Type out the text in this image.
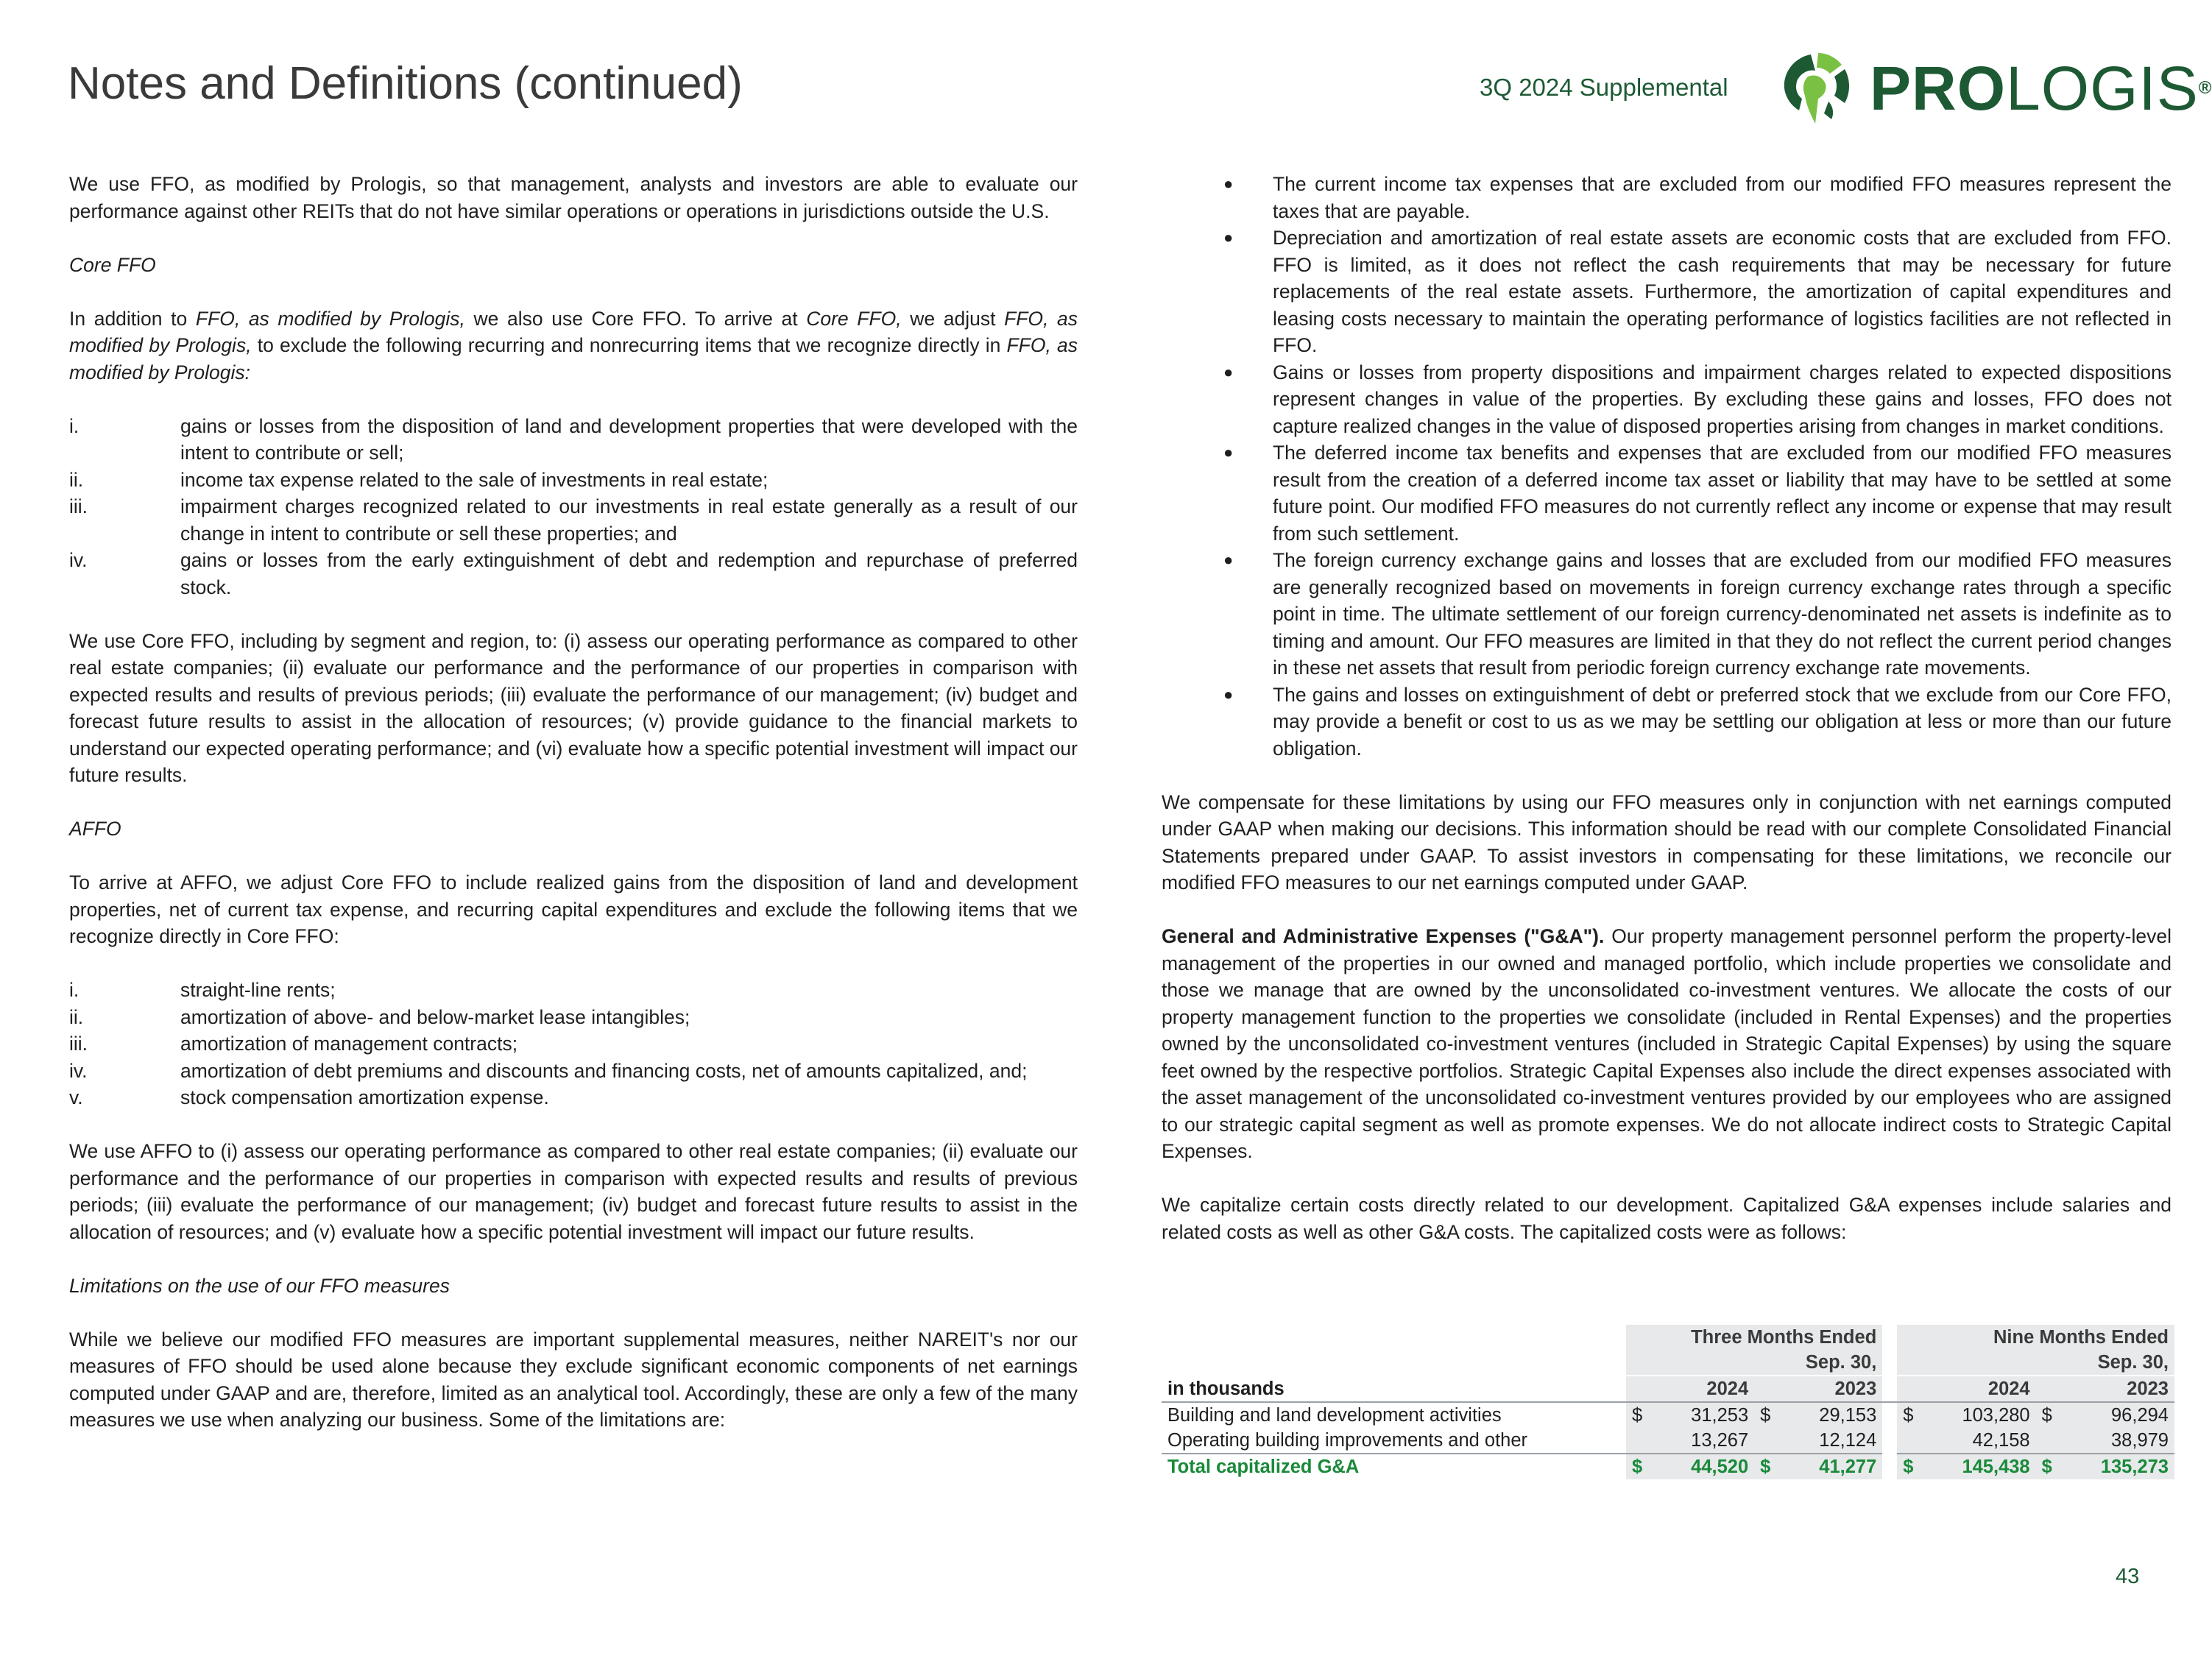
Notes and Definitions (continued)	3Q 2024 Supplemental PROLOGIS®

We use FFO, as modified by Prologis, so that management, analysts and investors are able to evaluate our performance against other REITs that do not have similar operations or operations in jurisdictions outside the U.S.

Core FFO

In addition to FFO, as modified by Prologis, we also use Core FFO. To arrive at Core FFO, we adjust FFO, as modified by Prologis, to exclude the following recurring and nonrecurring items that we recognize directly in FFO, as modified by Prologis:

i.	gains or losses from the disposition of land and development properties that were developed with the intent to contribute or sell;
ii.	income tax expense related to the sale of investments in real estate;
iii.	impairment charges recognized related to our investments in real estate generally as a result of our change in intent to contribute or sell these properties; and
iv.	gains or losses from the early extinguishment of debt and redemption and repurchase of preferred stock.

We use Core FFO, including by segment and region, to: (i) assess our operating performance as compared to other real estate companies; (ii) evaluate our performance and the performance of our properties in comparison with expected results and results of previous periods; (iii) evaluate the performance of our management; (iv) budget and forecast future results to assist in the allocation of resources; (v) provide guidance to the financial markets to understand our expected operating performance; and (vi) evaluate how a specific potential investment will impact our future results.

AFFO

To arrive at AFFO, we adjust Core FFO to include realized gains from the disposition of land and development properties, net of current tax expense, and recurring capital expenditures and exclude the following items that we recognize directly in Core FFO:

i.	straight-line rents;
ii.	amortization of above- and below-market lease intangibles;
iii.	amortization of management contracts;
iv.	amortization of debt premiums and discounts and financing costs, net of amounts capitalized, and;
v.	stock compensation amortization expense.

We use AFFO to (i) assess our operating performance as compared to other real estate companies; (ii) evaluate our performance and the performance of our properties in comparison with expected results and results of previous periods; (iii) evaluate the performance of our management; (iv) budget and forecast future results to assist in the allocation of resources; and (v) evaluate how a specific potential investment will impact our future results.

Limitations on the use of our FFO measures

While we believe our modified FFO measures are important supplemental measures, neither NAREIT's nor our measures of FFO should be used alone because they exclude significant economic components of net earnings computed under GAAP and are, therefore, limited as an analytical tool. Accordingly, these are only a few of the many measures we use when analyzing our business. Some of the limitations are:

● The current income tax expenses that are excluded from our modified FFO measures represent the taxes that are payable.
● Depreciation and amortization of real estate assets are economic costs that are excluded from FFO. FFO is limited, as it does not reflect the cash requirements that may be necessary for future replacements of the real estate assets. Furthermore, the amortization of capital expenditures and leasing costs necessary to maintain the operating performance of logistics facilities are not reflected in FFO.
● Gains or losses from property dispositions and impairment charges related to expected dispositions represent changes in value of the properties. By excluding these gains and losses, FFO does not capture realized changes in the value of disposed properties arising from changes in market conditions.
● The deferred income tax benefits and expenses that are excluded from our modified FFO measures result from the creation of a deferred income tax asset or liability that may have to be settled at some future point. Our modified FFO measures do not currently reflect any income or expense that may result from such settlement.
● The foreign currency exchange gains and losses that are excluded from our modified FFO measures are generally recognized based on movements in foreign currency exchange rates through a specific point in time. The ultimate settlement of our foreign currency-denominated net assets is indefinite as to timing and amount. Our FFO measures are limited in that they do not reflect the current period changes in these net assets that result from periodic foreign currency exchange rate movements.
● The gains and losses on extinguishment of debt or preferred stock that we exclude from our Core FFO, may provide a benefit or cost to us as we may be settling our obligation at less or more than our future obligation.

We compensate for these limitations by using our FFO measures only in conjunction with net earnings computed under GAAP when making our decisions. This information should be read with our complete Consolidated Financial Statements prepared under GAAP. To assist investors in compensating for these limitations, we reconcile our modified FFO measures to our net earnings computed under GAAP.

General and Administrative Expenses ("G&A"). Our property management personnel perform the property-level management of the properties in our owned and managed portfolio, which include properties we consolidate and those we manage that are owned by the unconsolidated co-investment ventures. We allocate the costs of our property management function to the properties we consolidate (included in Rental Expenses) and the properties owned by the unconsolidated co-investment ventures (included in Strategic Capital Expenses) by using the square feet owned by the respective portfolios. Strategic Capital Expenses also include the direct expenses associated with the asset management of the unconsolidated co-investment ventures provided by our employees who are assigned to our strategic capital segment as well as promote expenses. We do not allocate indirect costs to Strategic Capital Expenses.

We capitalize certain costs directly related to our development. Capitalized G&A expenses include salaries and related costs as well as other G&A costs. The capitalized costs were as follows:

	Three Months Ended					Nine Months Ended			
	Sep. 30,					Sep. 30,			
in thousands		2024		2023			2024		2023
Building and land development activities	$	31,253	$	29,153		$	103,280	$	96,294
Operating building improvements and other		13,267		12,124			42,158		38,979
Total capitalized G&A	$	44,520	$	41,277		$	145,438	$	135,273
43
